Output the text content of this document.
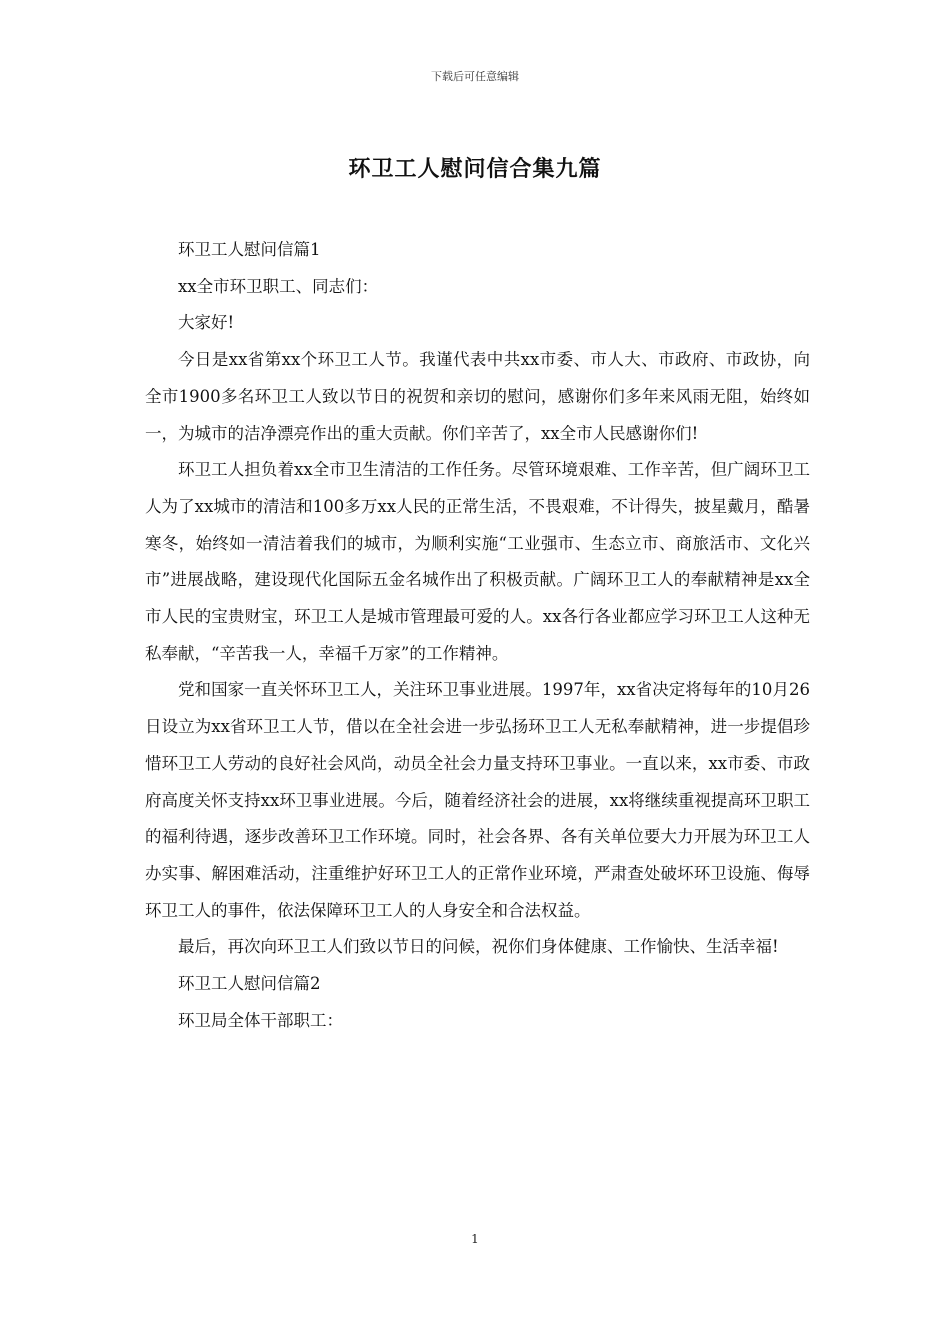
下载后可任意编辑
环卫工人慰问信合集九篇

环卫工人慰问信篇1

xx全市环卫职工、同志们：

大家好!

今日是xx省第xx个环卫工人节。我谨代表中共xx市委、市人大、市政府、市政协，向全市1900多名环卫工人致以节日的祝贺和亲切的慰问，感谢你们多年来风雨无阻，始终如一，为城市的洁净漂亮作出的重大贡献。你们辛苦了，xx全市人民感谢你们!

环卫工人担负着xx全市卫生清洁的工作任务。尽管环境艰难、工作辛苦，但广阔环卫工人为了xx城市的清洁和100多万xx人民的正常生活，不畏艰难，不计得失，披星戴月，酷暑寒冬，始终如一清洁着我们的城市，为顺利实施“工业强市、生态立市、商旅活市、文化兴市”进展战略，建设现代化国际五金名城作出了积极贡献。广阔环卫工人的奉献精神是xx全市人民的宝贵财宝，环卫工人是城市管理最可爱的人。xx各行各业都应学习环卫工人这种无私奉献，“辛苦我一人，幸福千万家”的工作精神。

党和国家一直关怀环卫工人，关注环卫事业进展。1997年，xx省决定将每年的10月26日设立为xx省环卫工人节，借以在全社会进一步弘扬环卫工人无私奉献精神，进一步提倡珍惜环卫工人劳动的良好社会风尚，动员全社会力量支持环卫事业。一直以来，xx市委、市政府高度关怀支持xx环卫事业进展。今后，随着经济社会的进展，xx将继续重视提高环卫职工的福利待遇，逐步改善环卫工作环境。同时，社会各界、各有关单位要大力开展为环卫工人办实事、解困难活动，注重维护好环卫工人的正常作业环境，严肃查处破坏环卫设施、侮辱环卫工人的事件，依法保障环卫工人的人身安全和合法权益。

最后，再次向环卫工人们致以节日的问候，祝你们身体健康、工作愉快、生活幸福!

环卫工人慰问信篇2

环卫局全体干部职工：

1
